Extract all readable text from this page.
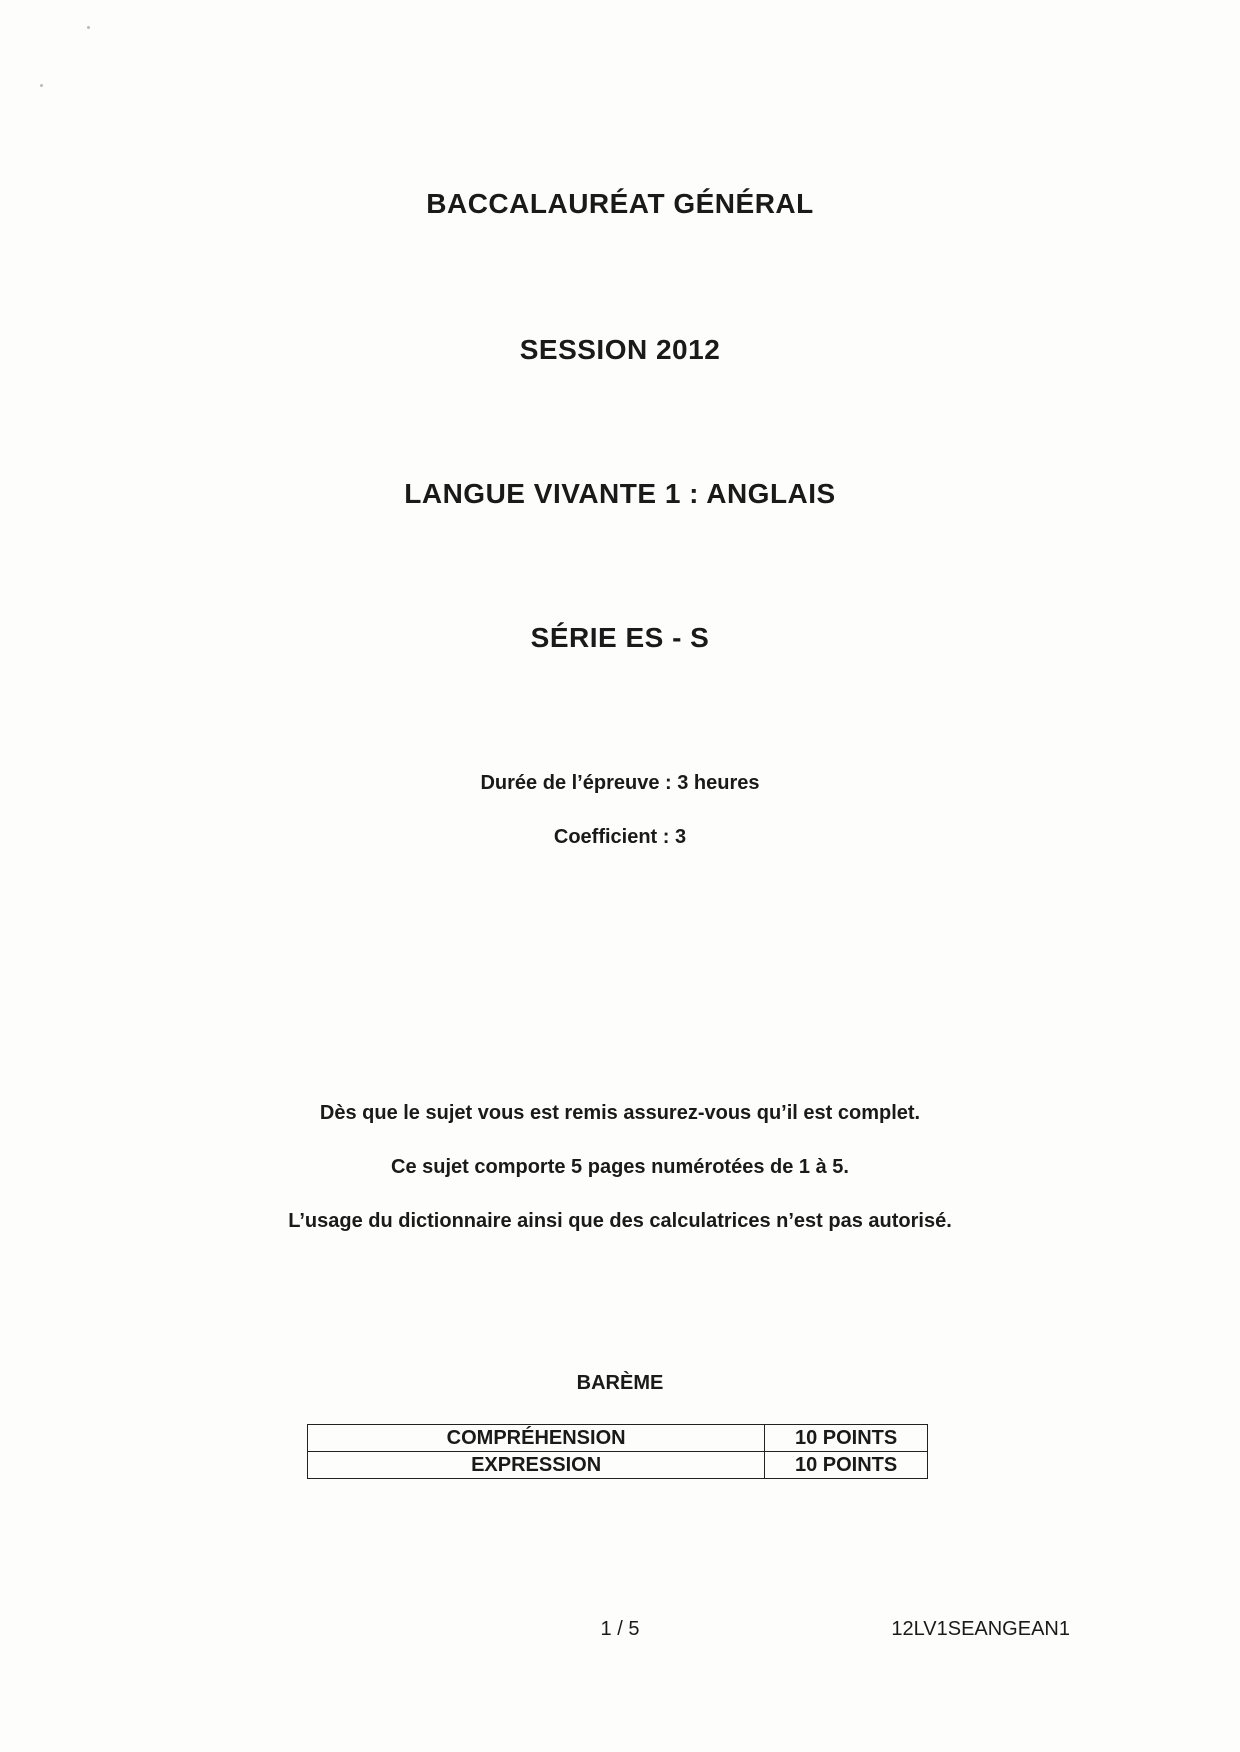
BACCALAURÉAT GÉNÉRAL
SESSION 2012
LANGUE VIVANTE 1 : ANGLAIS
SÉRIE ES - S
Durée de l’épreuve : 3 heures
Coefficient : 3
Dès que le sujet vous est remis assurez-vous qu’il est complet.
Ce sujet comporte 5 pages numérotées de 1 à 5.
L’usage du dictionnaire ainsi que des calculatrices n’est pas autorisé.
BARÈME
COMPRÉHENSION	10 POINTS
EXPRESSION	10 POINTS
1 / 5	12LV1SEANGEAN1
